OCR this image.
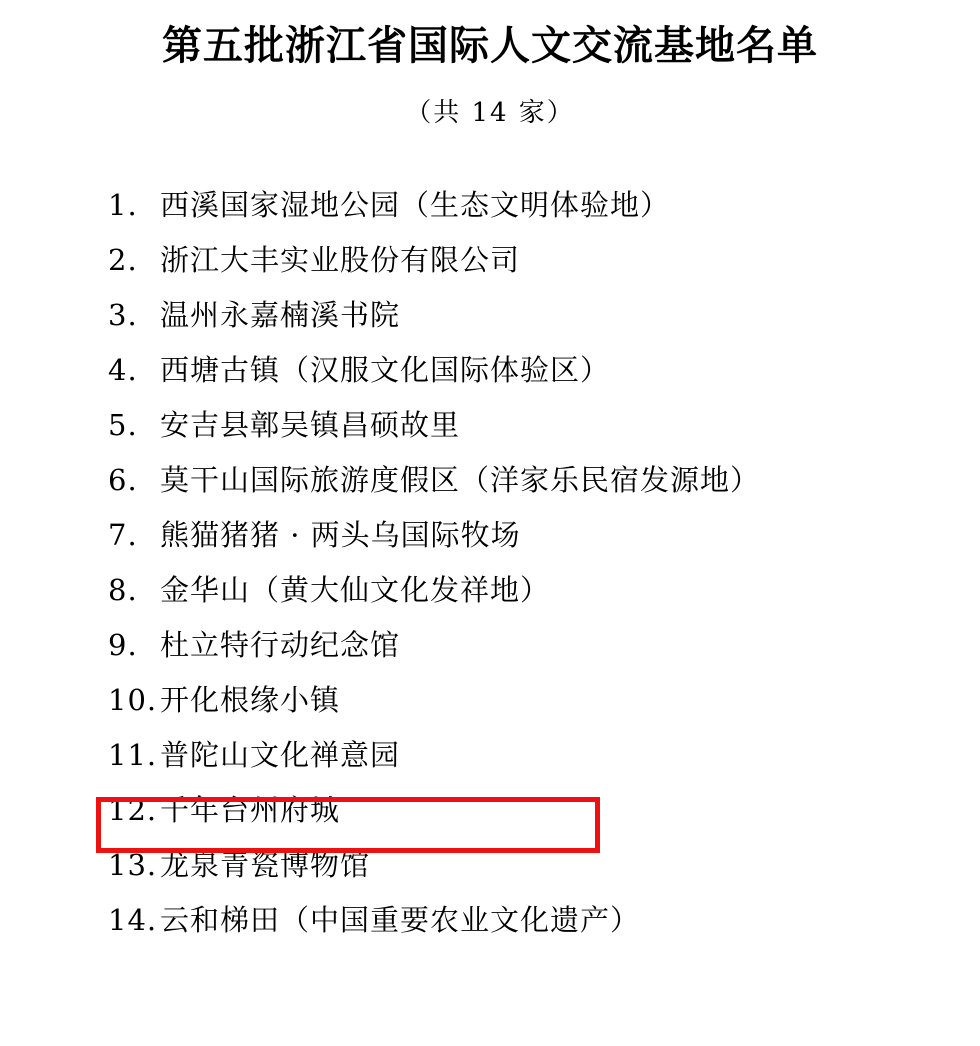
第五批浙江省国际人文交流基地名单
（共 14 家）
1. 西溪国家湿地公园（生态文明体验地）
2. 浙江大丰实业股份有限公司
3. 温州永嘉楠溪书院
4. 西塘古镇（汉服文化国际体验区）
5. 安吉县鄣吴镇昌硕故里
6. 莫干山国际旅游度假区（洋家乐民宿发源地）
7. 熊猫猪猪 · 两头乌国际牧场
8. 金华山（黄大仙文化发祥地）
9. 杜立特行动纪念馆
10. 开化根缘小镇
11. 普陀山文化禅意园
12. 千年台州府城
13. 龙泉青瓷博物馆
14. 云和梯田（中国重要农业文化遗产）
